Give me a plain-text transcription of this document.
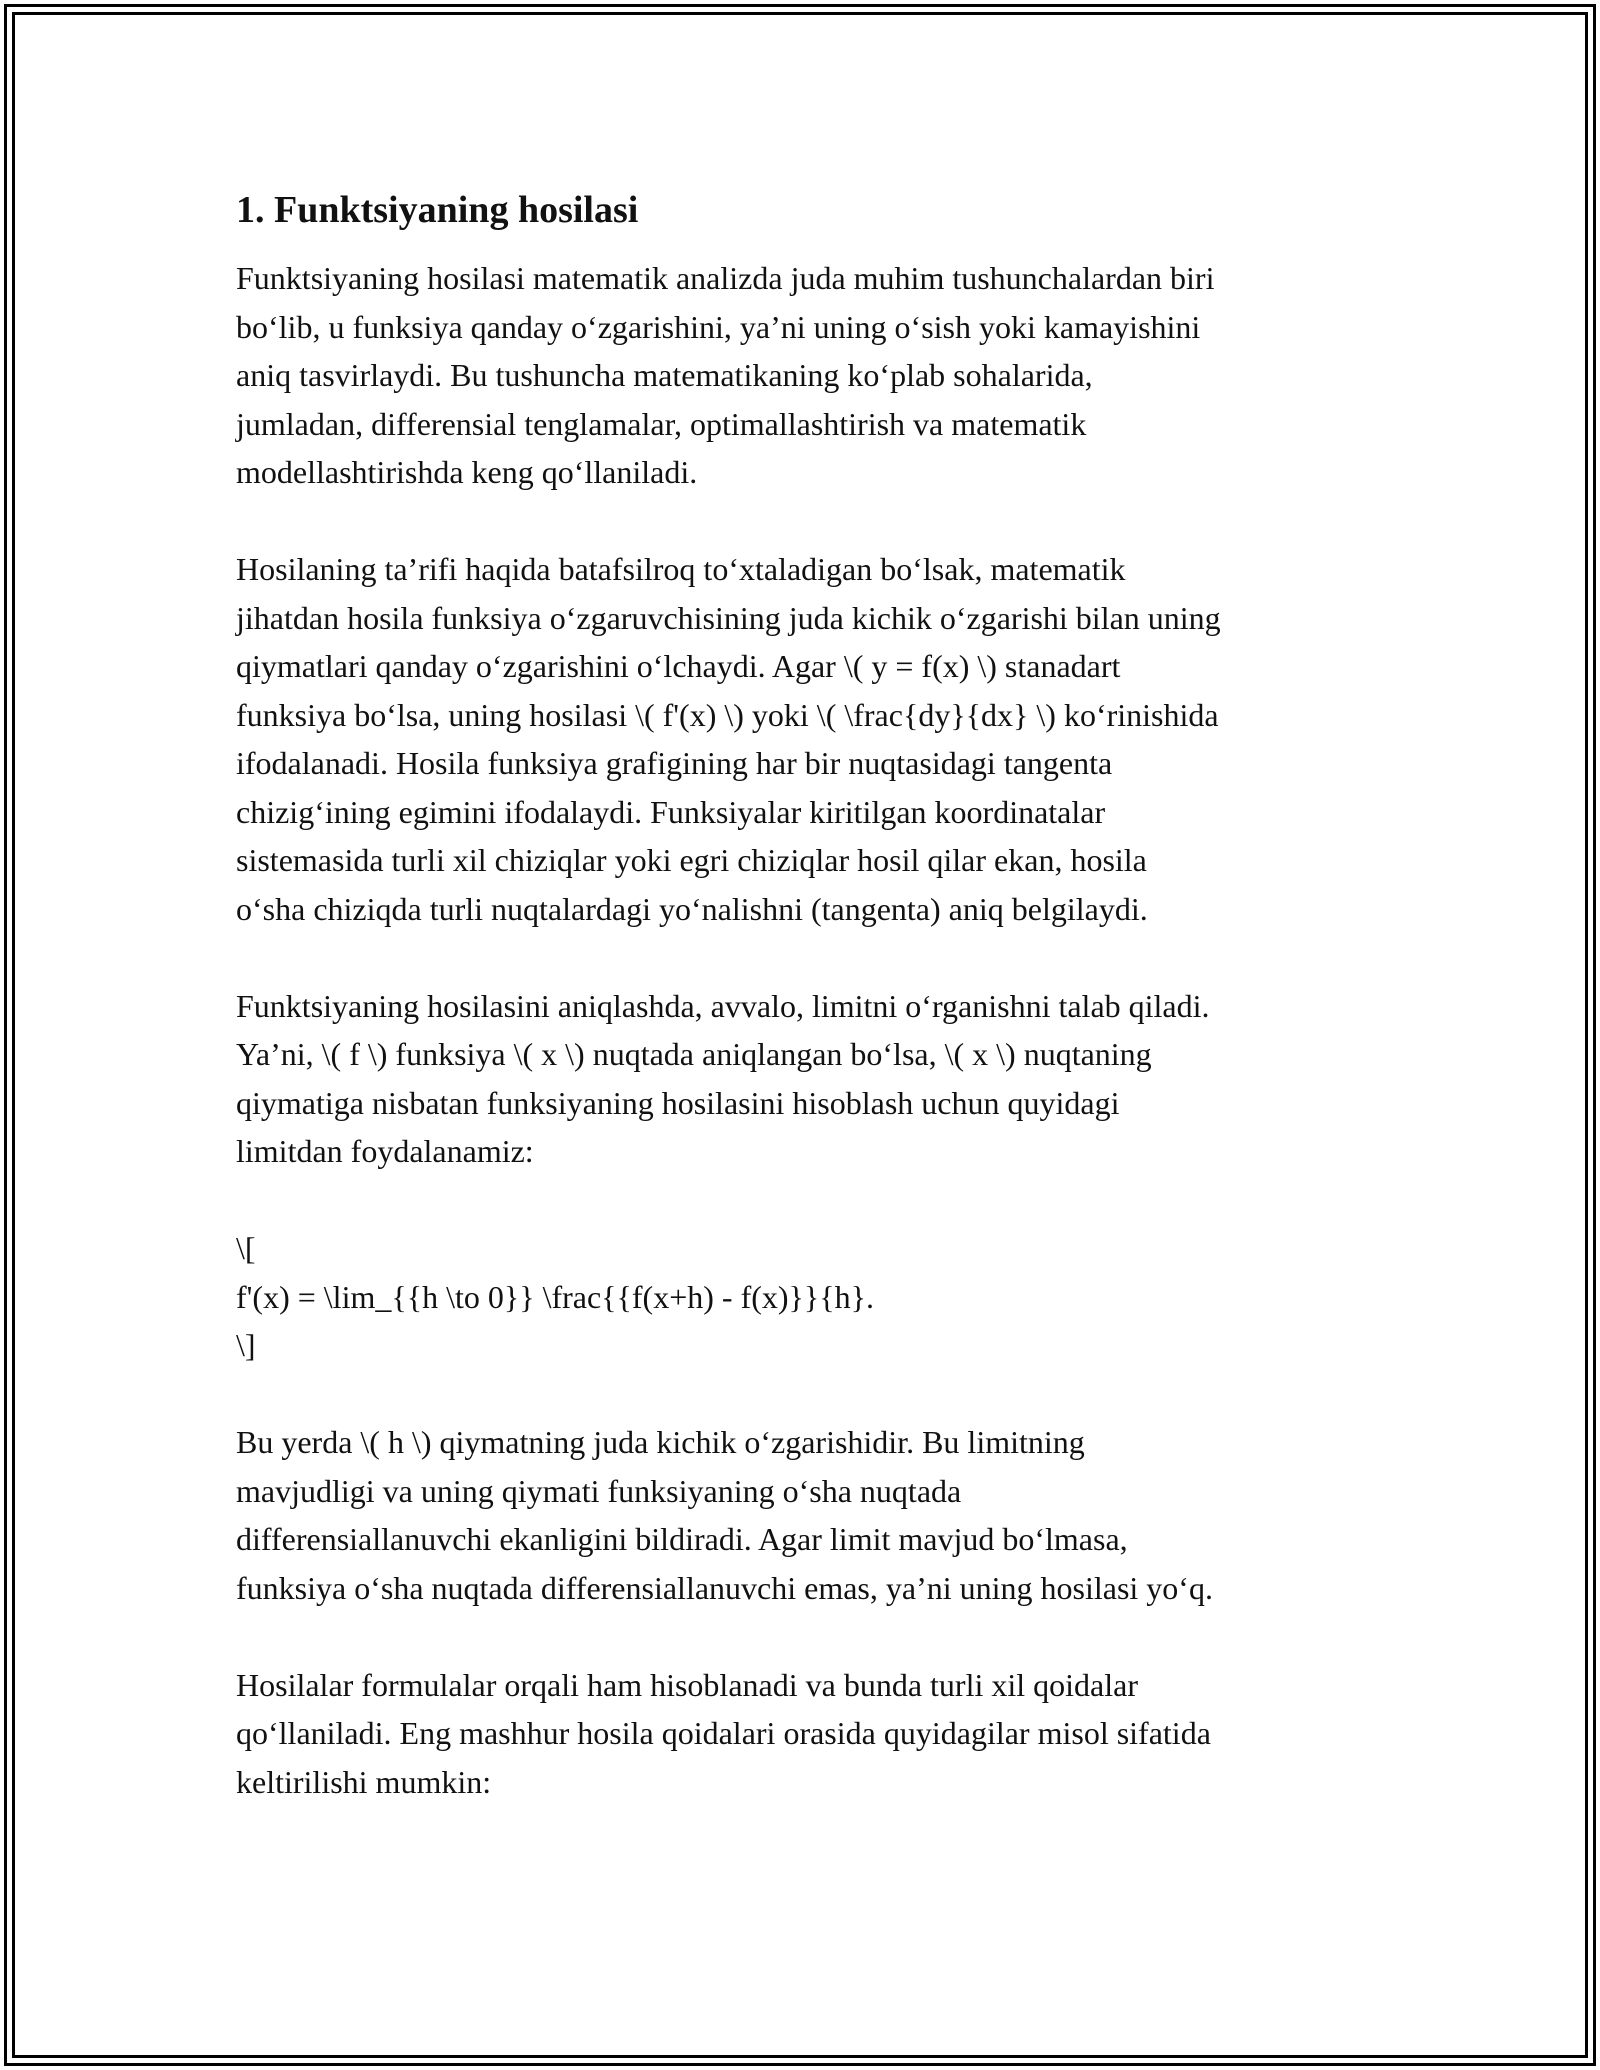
1. Funktsiyaning hosilasi

Funktsiyaning hosilasi matematik analizda juda muhim tushunchalardan biri
bo‘lib, u funksiya qanday o‘zgarishini, ya’ni uning o‘sish yoki kamayishini
aniq tasvirlaydi. Bu tushuncha matematikaning ko‘plab sohalarida,
jumladan, differensial tenglamalar, optimallashtirish va matematik
modellashtirishda keng qo‘llaniladi.

Hosilaning ta’rifi haqida batafsilroq to‘xtaladigan bo‘lsak, matematik
jihatdan hosila funksiya o‘zgaruvchisining juda kichik o‘zgarishi bilan uning
qiymatlari qanday o‘zgarishini o‘lchaydi. Agar \( y = f(x) \) stanadart
funksiya bo‘lsa, uning hosilasi \( f'(x) \) yoki \( \frac{dy}{dx} \) ko‘rinishida
ifodalanadi. Hosila funksiya grafigining har bir nuqtasidagi tangenta
chizig‘ining egimini ifodalaydi. Funksiyalar kiritilgan koordinatalar
sistemasida turli xil chiziqlar yoki egri chiziqlar hosil qilar ekan, hosila
o‘sha chiziqda turli nuqtalardagi yo‘nalishni (tangenta) aniq belgilaydi.

Funktsiyaning hosilasini aniqlashda, avvalo, limitni o‘rganishni talab qiladi.
Ya’ni, \( f \) funksiya \( x \) nuqtada aniqlangan bo‘lsa, \( x \) nuqtaning
qiymatiga nisbatan funksiyaning hosilasini hisoblash uchun quyidagi
limitdan foydalanamiz:

\[
f'(x) = \lim_{{h \to 0}} \frac{{f(x+h) - f(x)}}{h}.
\]

Bu yerda \( h \) qiymatning juda kichik o‘zgarishidir. Bu limitning
mavjudligi va uning qiymati funksiyaning o‘sha nuqtada
differensiallanuvchi ekanligini bildiradi. Agar limit mavjud bo‘lmasa,
funksiya o‘sha nuqtada differensiallanuvchi emas, ya’ni uning hosilasi yo‘q.

Hosilalar formulalar orqali ham hisoblanadi va bunda turli xil qoidalar
qo‘llaniladi. Eng mashhur hosila qoidalari orasida quyidagilar misol sifatida
keltirilishi mumkin:
